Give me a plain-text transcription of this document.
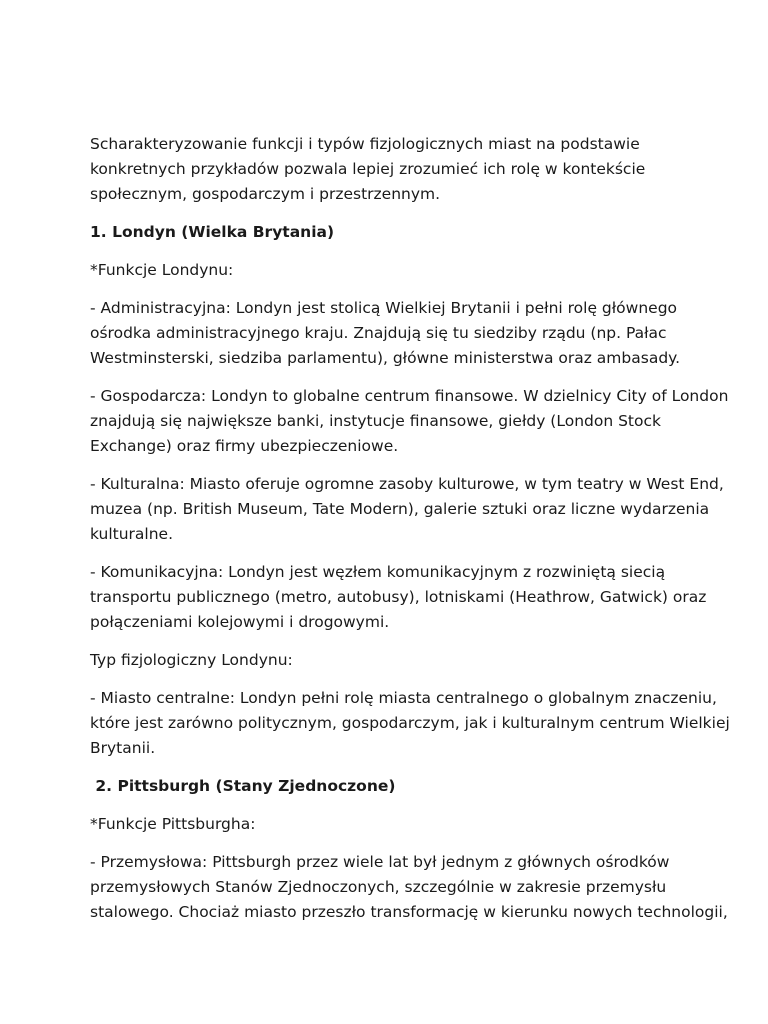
Scharakteryzowanie funkcji i typów fizjologicznych miast na podstawie
konkretnych przykładów pozwala lepiej zrozumieć ich rolę w kontekście
społecznym, gospodarczym i przestrzennym.

1. Londyn (Wielka Brytania)

*Funkcje Londynu:

- Administracyjna: Londyn jest stolicą Wielkiej Brytanii i pełni rolę głównego
ośrodka administracyjnego kraju. Znajdują się tu siedziby rządu (np. Pałac
Westminsterski, siedziba parlamentu), główne ministerstwa oraz ambasady.

- Gospodarcza: Londyn to globalne centrum finansowe. W dzielnicy City of London
znajdują się największe banki, instytucje finansowe, giełdy (London Stock
Exchange) oraz firmy ubezpieczeniowe.

- Kulturalna: Miasto oferuje ogromne zasoby kulturowe, w tym teatry w West End,
muzea (np. British Museum, Tate Modern), galerie sztuki oraz liczne wydarzenia
kulturalne.

- Komunikacyjna: Londyn jest węzłem komunikacyjnym z rozwiniętą siecią
transportu publicznego (metro, autobusy), lotniskami (Heathrow, Gatwick) oraz
połączeniami kolejowymi i drogowymi.

Typ fizjologiczny Londynu:

- Miasto centralne: Londyn pełni rolę miasta centralnego o globalnym znaczeniu,
które jest zarówno politycznym, gospodarczym, jak i kulturalnym centrum Wielkiej
Brytanii.

2. Pittsburgh (Stany Zjednoczone)

*Funkcje Pittsburgha:

- Przemysłowa: Pittsburgh przez wiele lat był jednym z głównych ośrodków
przemysłowych Stanów Zjednoczonych, szczególnie w zakresie przemysłu
stalowego. Chociaż miasto przeszło transformację w kierunku nowych technologii,
